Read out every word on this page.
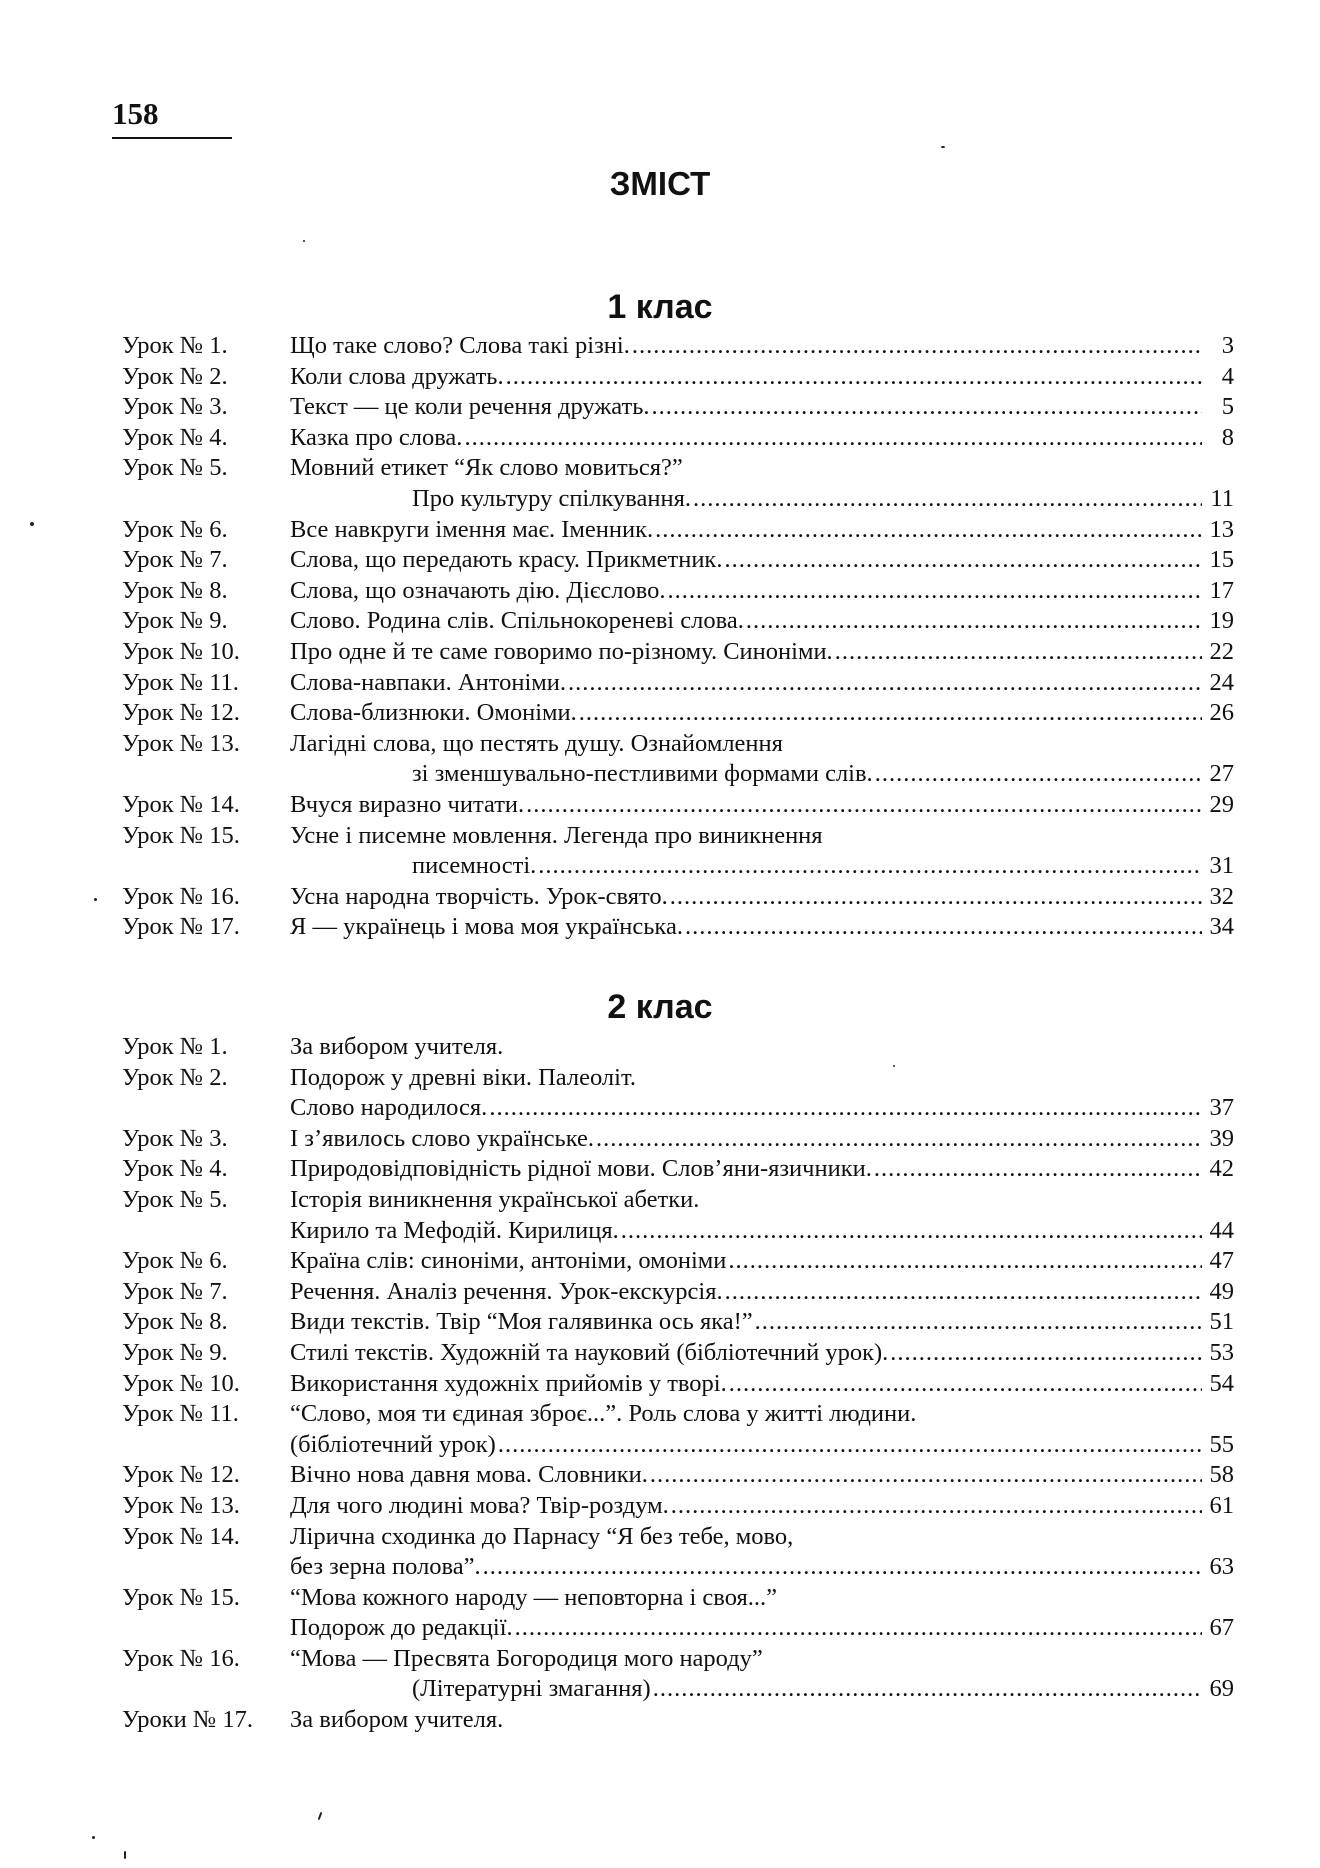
158
ЗМІСТ
1 клас
Урок № 1.	Що таке слово? Слова такі різні. .....	3
Урок № 2.	Коли слова дружать. .....	4
Урок № 3.	Текст — це коли речення дружать. .....	5
Урок № 4.	Казка про слова. .....	8
Урок № 5.	Мовний етикет “Як слово мовиться?”
Про культуру спілкування. .....	11
Урок № 6.	Все навкруги імення має. Іменник. .....	13
Урок № 7.	Слова, що передають красу. Прикметник. .....	15
Урок № 8.	Слова, що означають дію. Дієслово. .....	17
Урок № 9.	Слово. Родина слів. Спільнокореневі слова. .....	19
Урок № 10.	Про одне й те саме говоримо по-різному. Синоніми. .....	22
Урок № 11.	Слова-навпаки. Антоніми. .....	24
Урок № 12.	Слова-близнюки. Омоніми. .....	26
Урок № 13.	Лагідні слова, що пестять душу. Ознайомлення
зі зменшувально-пестливими формами слів. .....	27
Урок № 14.	Вчуся виразно читати. .....	29
Урок № 15.	Усне і писемне мовлення. Легенда про виникнення
писемності. .....	31
Урок № 16.	Усна народна творчість. Урок-свято. .....	32
Урок № 17.	Я — українець і мова моя українська. .....	34
2 клас
Урок № 1.	За вибором учителя.
Урок № 2.	Подорож у древні віки. Палеоліт.
Слово народилося. .....	37
Урок № 3.	І з’явилось слово українське. .....	39
Урок № 4.	Природовідповідність рідної мови. Слов’яни-язичники. .....	42
Урок № 5.	Історія виникнення української абетки.
Кирило та Мефодій. Кирилиця. .....	44
Урок № 6.	Країна слів: синоніми, антоніми, омоніми .....	47
Урок № 7.	Речення. Аналіз речення. Урок-екскурсія. .....	49
Урок № 8.	Види текстів. Твір “Моя галявинка ось яка!” .....	51
Урок № 9.	Стилі текстів. Художній та науковий (бібліотечний урок). .....	53
Урок № 10.	Використання художніх прийомів у творі. .....	54
Урок № 11.	“Слово, моя ти єдиная зброє...”. Роль слова у житті людини.
(бібліотечний урок) .....	55
Урок № 12.	Вічно нова давня мова. Словники. .....	58
Урок № 13.	Для чого людині мова? Твір-роздум. .....	61
Урок № 14.	Лірична сходинка до Парнасу “Я без тебе, мово,
без зерна полова”. .....	63
Урок № 15.	“Мова кожного народу — неповторна і своя...”
Подорож до редакції. .....	67
Урок № 16.	“Мова — Пресвята Богородиця мого народу”
(Літературні змагання) .....	69
Уроки № 17.	За вибором учителя.
